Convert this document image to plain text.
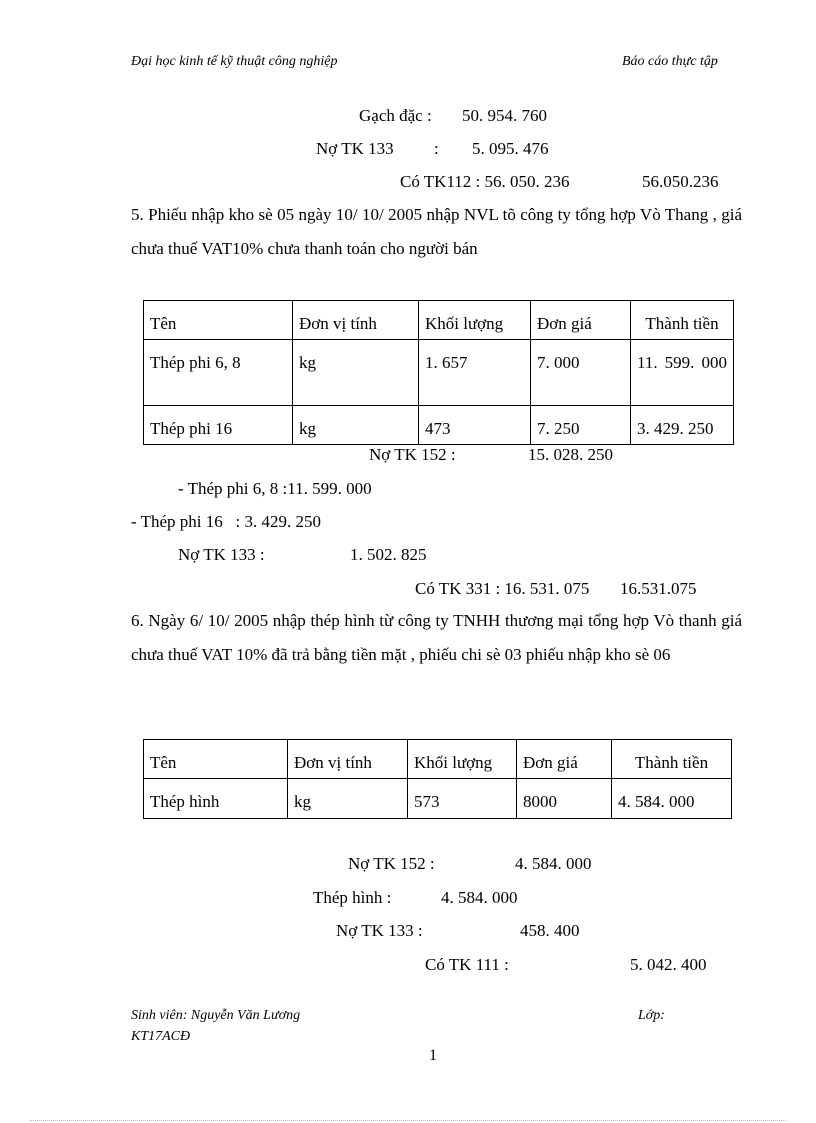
Đại học kinh tế kỹ thuật công nghiệp	Báo cáo thực tập
Gạch đặc : 50. 954. 760
Nợ TK 133 : 5. 095. 476
Có TK112 : 56. 050. 236	56.050.236
5. Phiếu nhập kho sè 05 ngày 10/ 10/ 2005 nhập NVL tõ công ty tổng hợp Vò Thang , giá chưa thuế VAT10% chưa thanh toán cho người bán
Tên	Đơn vị tính	Khối lượng	Đơn giá	Thành tiền
Thép phi 6, 8	kg	1. 657	7. 000	11. 599. 000
Thép phi 16	kg	473	7. 250	3. 429. 250
Nợ TK 152 :	15. 028. 250
- Thép phi 6, 8 :11. 599. 000
- Thép phi 16   : 3. 429. 250
Nợ TK 133 :	1. 502. 825
Có TK 331 : 16. 531. 075 16.531.075
6. Ngày 6/ 10/ 2005 nhập thép hình từ công ty TNHH thương mại tổng hợp Vò thanh giá chưa thuế VAT 10% đã trả bằng tiền mặt , phiếu chi sè 03 phiếu nhập kho sè 06
Tên	Đơn vị tính	Khối lượng	Đơn giá	Thành tiền
Thép hình	kg	573	8000	4. 584. 000
Nợ TK 152 :	4. 584. 000
Thép hình :	4. 584. 000
Nợ TK 133 :	458. 400
Có TK 111 :	5. 042. 400
Sinh viên: Nguyễn Văn Lương	Lớp:
KT17ACĐ
1
